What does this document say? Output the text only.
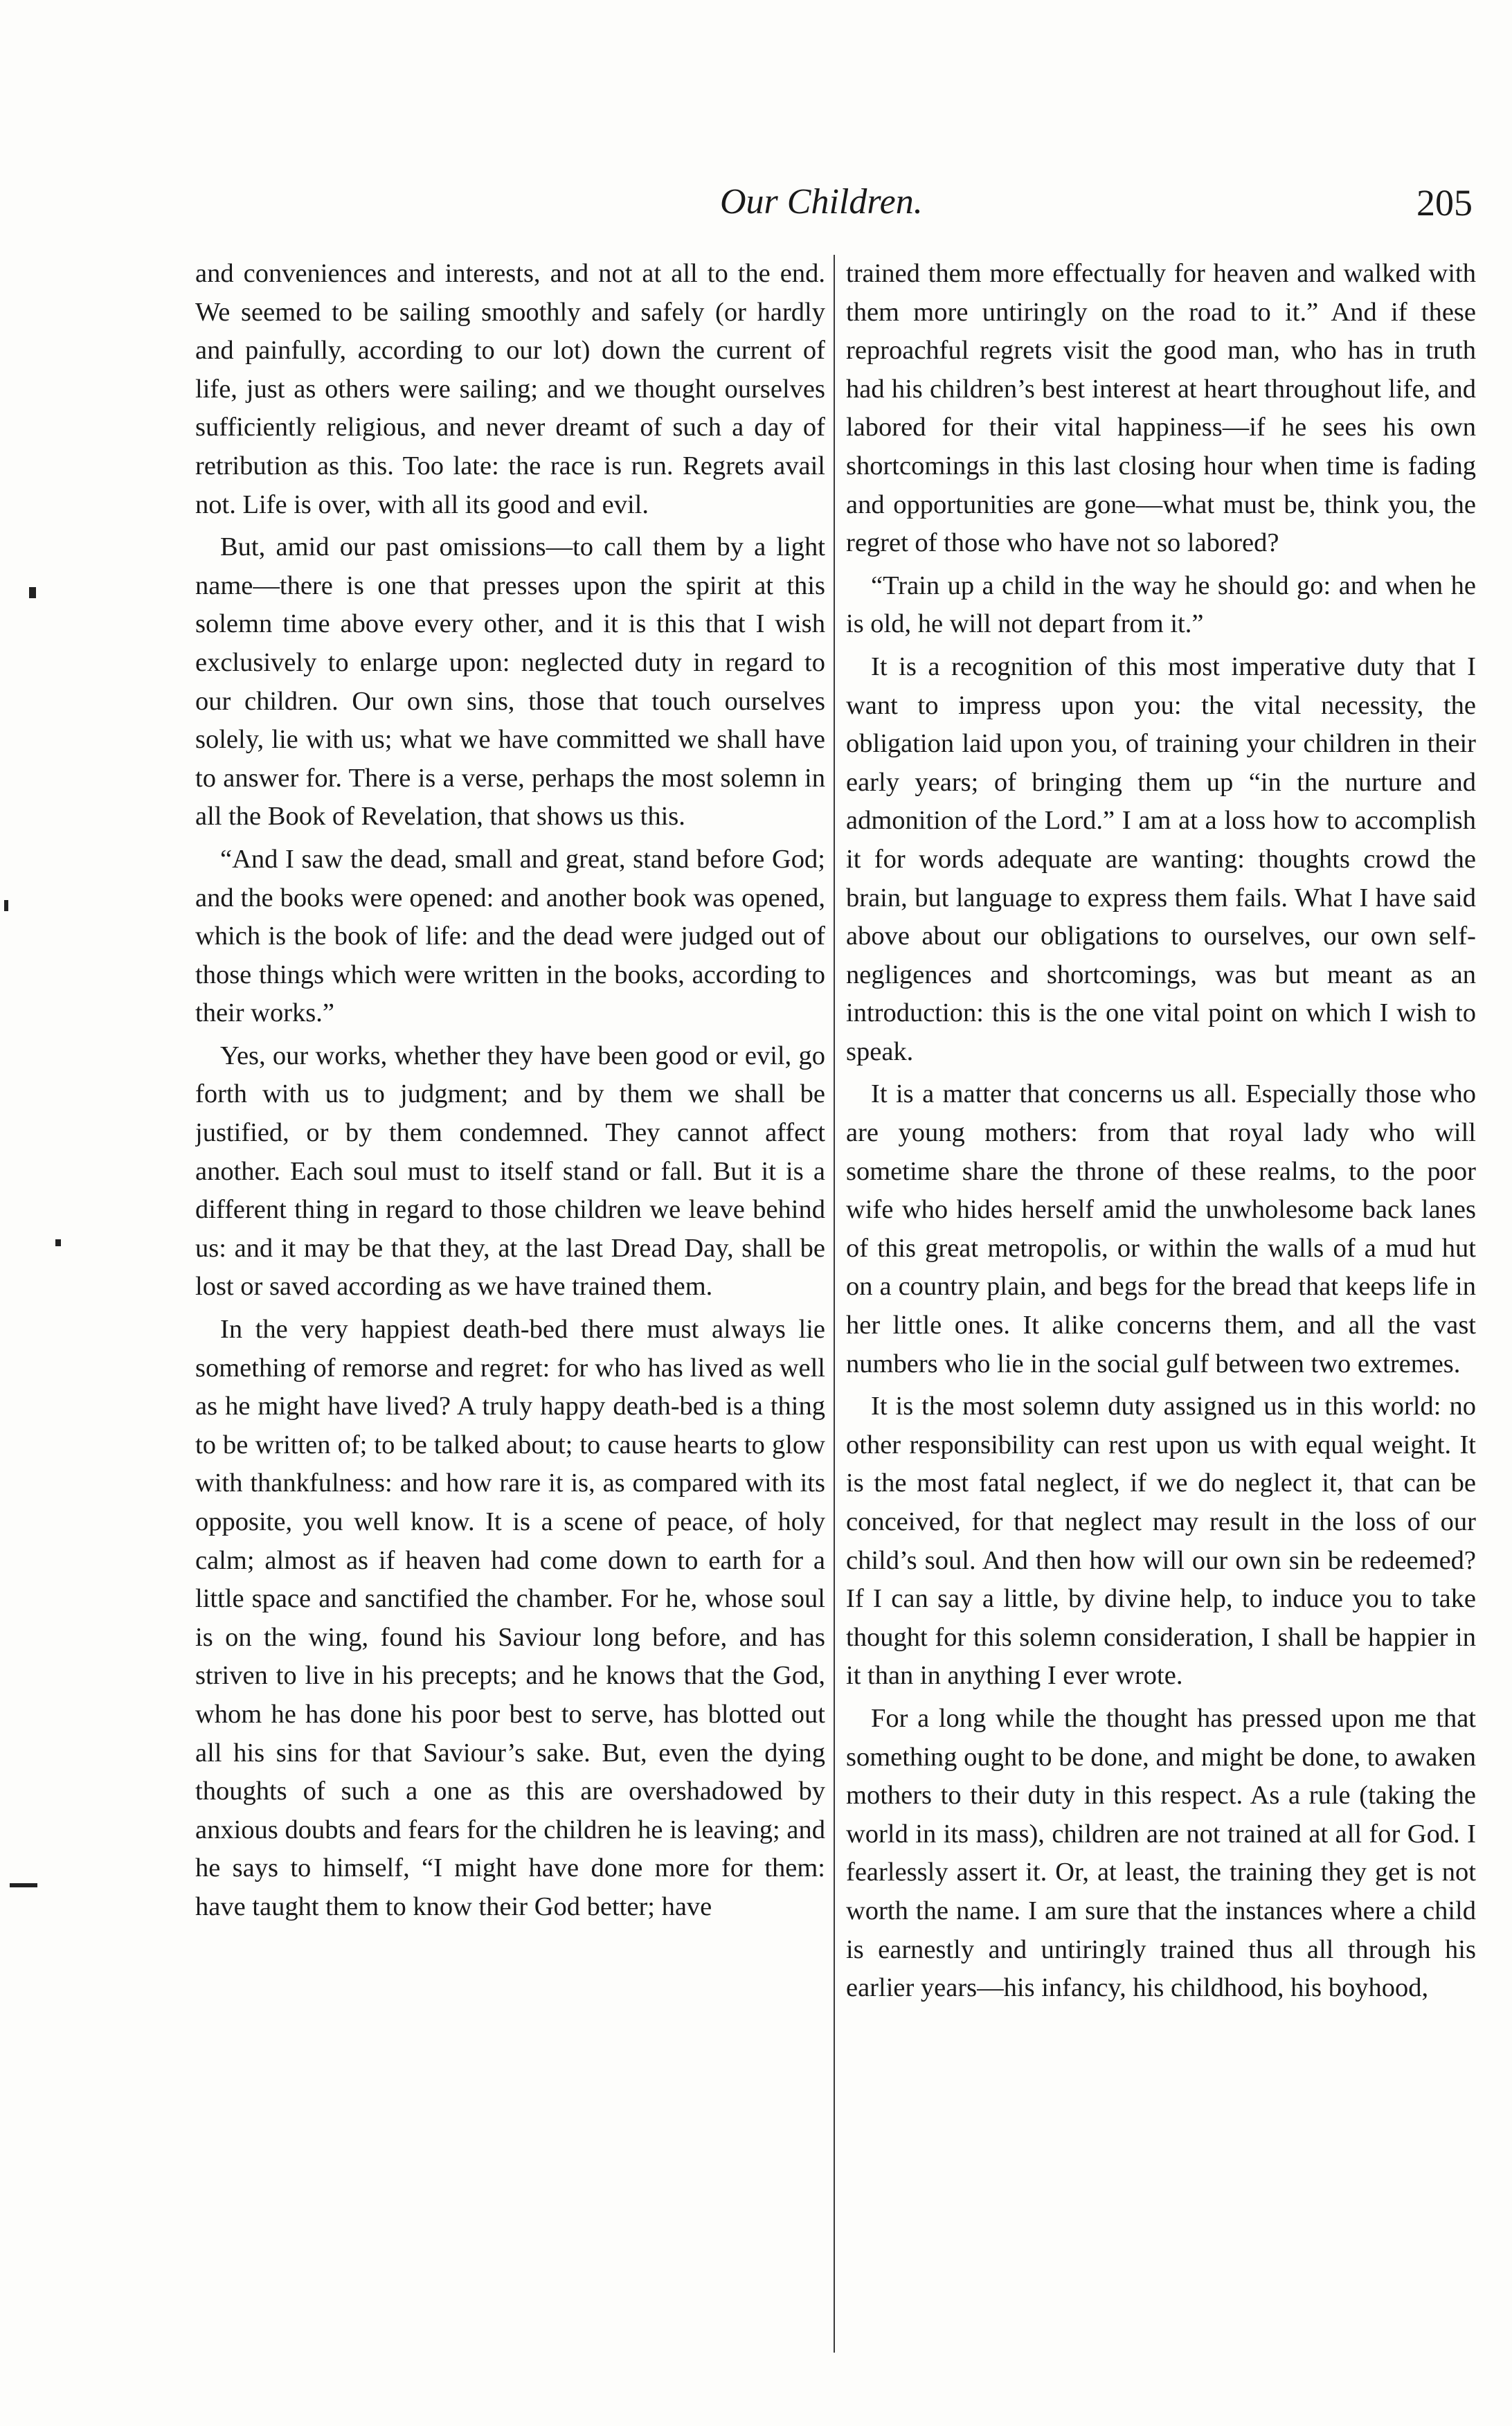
Our Children.	205

and conveniences and interests, and not at all to the end. We seemed to be sailing smoothly and safely (or hardly and painfully, according to our lot) down the current of life, just as others were sailing; and we thought ourselves sufficiently religious, and never dreamt of such a day of retribution as this. Too late: the race is run. Regrets avail not. Life is over, with all its good and evil.

But, amid our past omissions—to call them by a light name—there is one that presses upon the spirit at this solemn time above every other, and it is this that I wish exclusively to enlarge upon: neglected duty in regard to our children. Our own sins, those that touch ourselves solely, lie with us; what we have committed we shall have to answer for. There is a verse, perhaps the most solemn in all the Book of Revelation, that shows us this.

“And I saw the dead, small and great, stand before God; and the books were opened: and another book was opened, which is the book of life: and the dead were judged out of those things which were written in the books, according to their works.”

Yes, our works, whether they have been good or evil, go forth with us to judgment; and by them we shall be justified, or by them condemned. They cannot affect another. Each soul must to itself stand or fall. But it is a different thing in regard to those children we leave behind us: and it may be that they, at the last Dread Day, shall be lost or saved according as we have trained them.

In the very happiest death-bed there must always lie something of remorse and regret: for who has lived as well as he might have lived? A truly happy death-bed is a thing to be written of; to be talked about; to cause hearts to glow with thankfulness: and how rare it is, as compared with its opposite, you well know. It is a scene of peace, of holy calm; almost as if heaven had come down to earth for a little space and sanctified the chamber. For he, whose soul is on the wing, found his Saviour long before, and has striven to live in his precepts; and he knows that the God, whom he has done his poor best to serve, has blotted out all his sins for that Saviour’s sake. But, even the dying thoughts of such a one as this are overshadowed by anxious doubts and fears for the children he is leaving; and he says to himself, “I might have done more for them: have taught them to know their God better; have

trained them more effectually for heaven and walked with them more untiringly on the road to it.” And if these reproachful regrets visit the good man, who has in truth had his children’s best interest at heart throughout life, and labored for their vital happiness—if he sees his own shortcomings in this last closing hour when time is fading and opportunities are gone—what must be, think you, the regret of those who have not so labored?

“Train up a child in the way he should go: and when he is old, he will not depart from it.”

It is a recognition of this most imperative duty that I want to impress upon you: the vital necessity, the obligation laid upon you, of training your children in their early years; of bringing them up “in the nurture and admonition of the Lord.” I am at a loss how to accomplish it for words adequate are wanting: thoughts crowd the brain, but language to express them fails. What I have said above about our obligations to ourselves, our own self-negligences and shortcomings, was but meant as an introduction: this is the one vital point on which I wish to speak.

It is a matter that concerns us all. Especially those who are young mothers: from that royal lady who will sometime share the throne of these realms, to the poor wife who hides herself amid the unwholesome back lanes of this great metropolis, or within the walls of a mud hut on a country plain, and begs for the bread that keeps life in her little ones. It alike concerns them, and all the vast numbers who lie in the social gulf between two extremes.

It is the most solemn duty assigned us in this world: no other responsibility can rest upon us with equal weight. It is the most fatal neglect, if we do neglect it, that can be conceived, for that neglect may result in the loss of our child’s soul. And then how will our own sin be redeemed? If I can say a little, by divine help, to induce you to take thought for this solemn consideration, I shall be happier in it than in anything I ever wrote.

For a long while the thought has pressed upon me that something ought to be done, and might be done, to awaken mothers to their duty in this respect. As a rule (taking the world in its mass), children are not trained at all for God. I fearlessly assert it. Or, at least, the training they get is not worth the name. I am sure that the instances where a child is earnestly and untiringly trained thus all through his earlier years—his infancy, his childhood, his boyhood,
